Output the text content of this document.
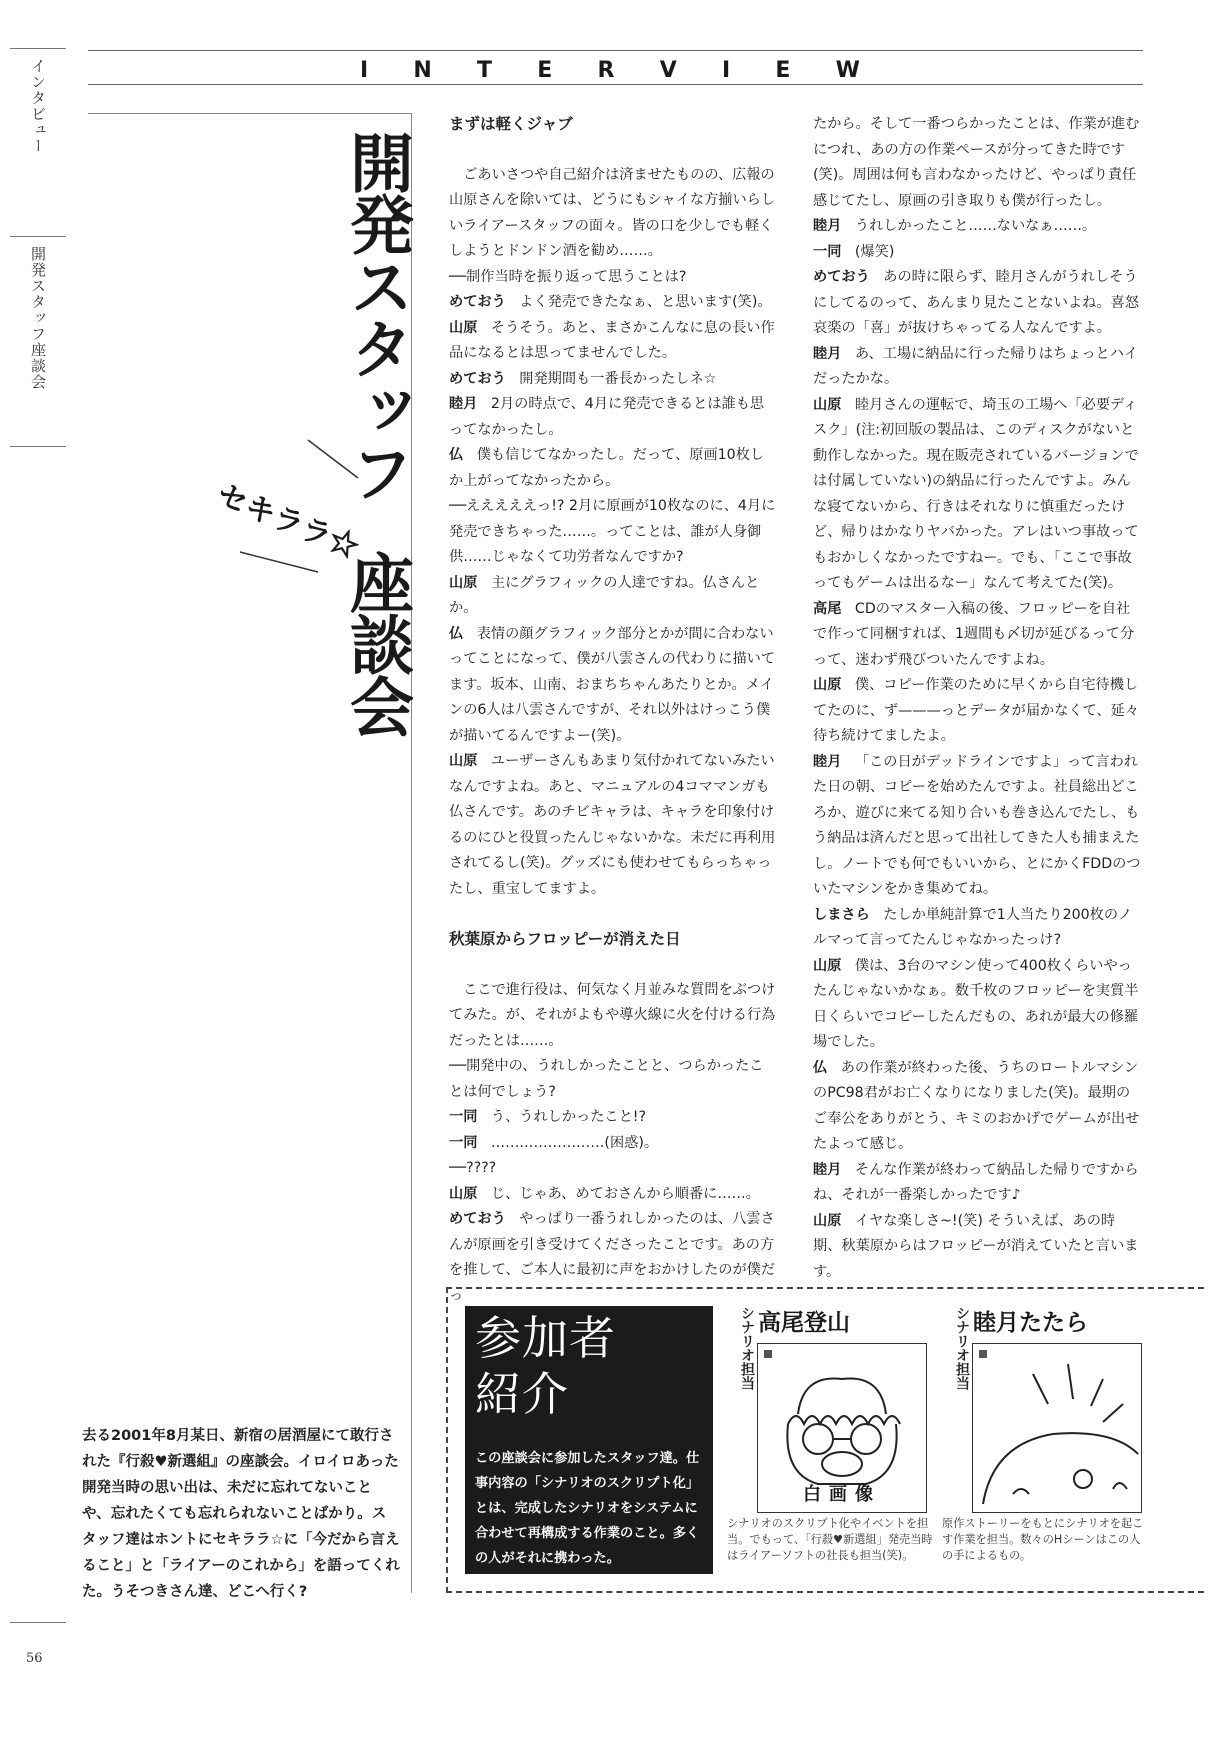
インタビュー
開発スタッフ座談会
56
I N T E R V I E W
開発スタッフ
セキララ☆
座談会
去る2001年8月某日、新宿の居酒屋にて敢行された『行殺♥新選組』の座談会。イロイロあった開発当時の思い出は、未だに忘れてないことや、忘れたくても忘れられないことばかり。スタッフ達はホントにセキララ☆に「今だから言えること」と「ライアーのこれから」を語ってくれた。うそつきさん達、どこへ行く?

まずは軽くジャブ

ごあいさつや自己紹介は済ませたものの、広報の山原さんを除いては、どうにもシャイな方揃いらしいライアースタッフの面々。皆の口を少しでも軽くしようとドンドン酒を勧め……。

──制作当時を振り返って思うことは?

めておう よく発売できたなぁ、と思います(笑)。

山原 そうそう。あと、まさかこんなに息の長い作品になるとは思ってませんでした。

めておう 開発期間も一番長かったしネ☆

睦月 2月の時点で、4月に発売できるとは誰も思ってなかったし。

仏 僕も信じてなかったし。だって、原画10枚しか上がってなかったから。

──えええええっ!? 2月に原画が10枚なのに、4月に発売できちゃった……。ってことは、誰が人身御供……じゃなくて功労者なんですか?

山原 主にグラフィックの人達ですね。仏さんとか。

仏 表情の顔グラフィック部分とかが間に合わないってことになって、僕が八雲さんの代わりに描いてます。坂本、山南、おまちちゃんあたりとか。メインの6人は八雲さんですが、それ以外はけっこう僕が描いてるんですよー(笑)。

山原 ユーザーさんもあまり気付かれてないみたいなんですよね。あと、マニュアルの4コママンガも仏さんです。あのチビキャラは、キャラを印象付けるのにひと役買ったんじゃないかな。未だに再利用されてるし(笑)。グッズにも使わせてもらっちゃったし、重宝してますよ。

秋葉原からフロッピーが消えた日

ここで進行役は、何気なく月並みな質問をぶつけてみた。が、それがよもや導火線に火を付ける行為だったとは……。

──開発中の、うれしかったことと、つらかったことは何でしょう?

一同 う、うれしかったこと!?

一同 ……………………(困惑)。

──????

山原 じ、じゃあ、めておさんから順番に……。

めておう やっぱり一番うれしかったのは、八雲さんが原画を引き受けてくださったことです。あの方を推して、ご本人に最初に声をおかけしたのが僕だっ

たから。そして一番つらかったことは、作業が進むにつれ、あの方の作業ペースが分ってきた時です(笑)。周囲は何も言わなかったけど、やっぱり責任感じてたし、原画の引き取りも僕が行ったし。

睦月 うれしかったこと……ないなぁ……。

一同 (爆笑)

めておう あの時に限らず、睦月さんがうれしそうにしてるのって、あんまり見たことないよね。喜怒哀楽の「喜」が抜けちゃってる人なんですよ。

睦月 あ、工場に納品に行った帰りはちょっとハイだったかな。

山原 睦月さんの運転で、埼玉の工場へ「必要ディスク」(注:初回版の製品は、このディスクがないと動作しなかった。現在販売されているバージョンでは付属していない)の納品に行ったんですよ。みんな寝てないから、行きはそれなりに慎重だったけど、帰りはかなりヤバかった。アレはいつ事故ってもおかしくなかったですねー。でも、「ここで事故ってもゲームは出るなー」なんて考えてた(笑)。

高尾 CDのマスター入稿の後、フロッピーを自社で作って同梱すれば、1週間も〆切が延びるって分って、迷わず飛びついたんですよね。

山原 僕、コピー作業のために早くから自宅待機してたのに、ず———っとデータが届かなくて、延々待ち続けてましたよ。

睦月 「この日がデッドラインですよ」って言われた日の朝、コピーを始めたんですよ。社員総出どころか、遊びに来てる知り合いも巻き込んでたし、もう納品は済んだと思って出社してきた人も捕まえたし。ノートでも何でもいいから、とにかくFDDのついたマシンをかき集めてね。

しまさら たしか単純計算で1人当たり200枚のノルマって言ってたんじゃなかったっけ?

山原 僕は、3台のマシン使って400枚くらいやったんじゃないかなぁ。数千枚のフロッピーを実質半日くらいでコピーしたんだもの、あれが最大の修羅場でした。

仏 あの作業が終わった後、うちのロートルマシンのPC98君がお亡くなりになりました(笑)。最期のご奉公をありがとう、キミのおかげでゲームが出せたよって感じ。

睦月 そんな作業が終わって納品した帰りですからね、それが一番楽しかったです♪

山原 イヤな楽しさ~!(笑) そういえば、あの時期、秋葉原からはフロッピーが消えていたと言います。

参加者
紹介
この座談会に参加したスタッフ達。仕事内容の「シナリオのスクリプト化」とは、完成したシナリオをシステムに合わせて再構成する作業のこと。多くの人がそれに携わった。
シナリオ担当 高尾登山
白画像
シナリオのスクリプト化やイベントを担当。でもって、「行殺♥新選組」発売当時はライアーソフトの社長も担当(笑)。
シナリオ担当 睦月たたら
原作ストーリーをもとにシナリオを起こす作業を担当。数々のHシーンはこの人の手によるもの。
